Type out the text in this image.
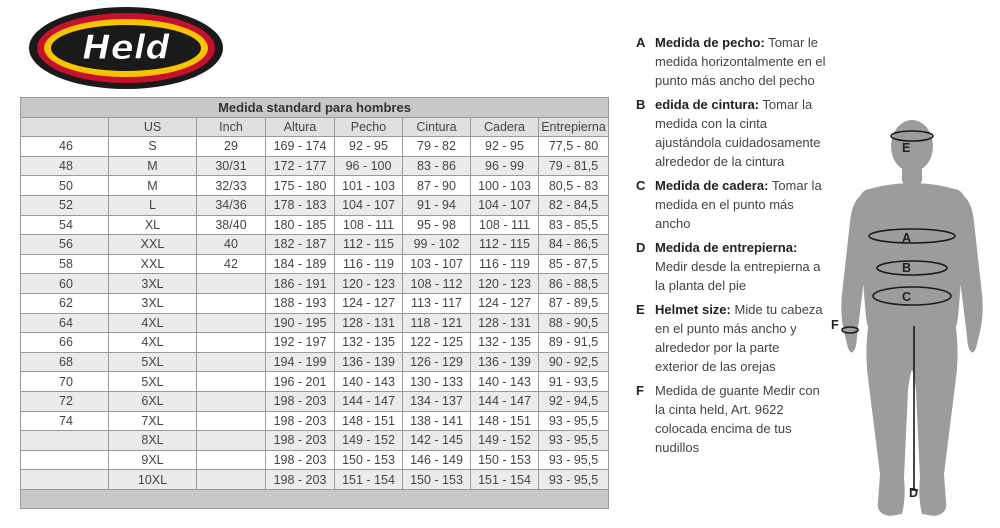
Held
Medida standard para hombres							
	US	Inch	Altura	Pecho	Cintura	Cadera	Entrepierna
46	S	29	169 - 174	92 - 95	79 - 82	92 - 95	77,5 - 80
48	M	30/31	172 - 177	96 - 100	83 - 86	96 - 99	79 - 81,5
50	M	32/33	175 - 180	101 - 103	87 - 90	100 - 103	80,5 - 83
52	L	34/36	178 - 183	104 - 107	91 - 94	104 - 107	82 - 84,5
54	XL	38/40	180 - 185	108 - 111	95 - 98	108 - 111	83 - 85,5
56	XXL	40	182 - 187	112 - 115	99 - 102	112 - 115	84 - 86,5
58	XXL	42	184 - 189	116 - 119	103 - 107	116 - 119	85 - 87,5
60	3XL		186 - 191	120 - 123	108 - 112	120 - 123	86 - 88,5
62	3XL		188 - 193	124 - 127	113 - 117	124 - 127	87 - 89,5
64	4XL		190 - 195	128 - 131	118 - 121	128 - 131	88 - 90,5
66	4XL		192 - 197	132 - 135	122 - 125	132 - 135	89 - 91,5
68	5XL		194 - 199	136 - 139	126 - 129	136 - 139	90 - 92,5
70	5XL		196 - 201	140 - 143	130 - 133	140 - 143	91 - 93,5
72	6XL		198 - 203	144 - 147	134 - 137	144 - 147	92 - 94,5
74	7XL		198 - 203	148 - 151	138 - 141	148 - 151	93 - 95,5
	8XL		198 - 203	149 - 152	142 - 145	149 - 152	93 - 95,5
	9XL		198 - 203	150 - 153	146 - 149	150 - 153	93 - 95,5
	10XL		198 - 203	151 - 154	150 - 153	151 - 154	93 - 95,5

A Medida de pecho: Tomar le medida horizontalmente en el punto más ancho del pecho
B edida de cintura: Tomar la medida con la cinta ajustándola cuidadosamente alrededor de la cintura
C Medida de cadera: Tomar la medida en el punto más ancho
D Medida de entrepierna: Medir desde la entrepierna a la planta del pie
E Helmet size: Mide tu cabeza en el punto más ancho y alrededor por la parte exterior de las orejas
F Medida de guante Medir con la cinta held, Art. 9622 colocada encima de tus nudillos
E
A
B
C
F
D
